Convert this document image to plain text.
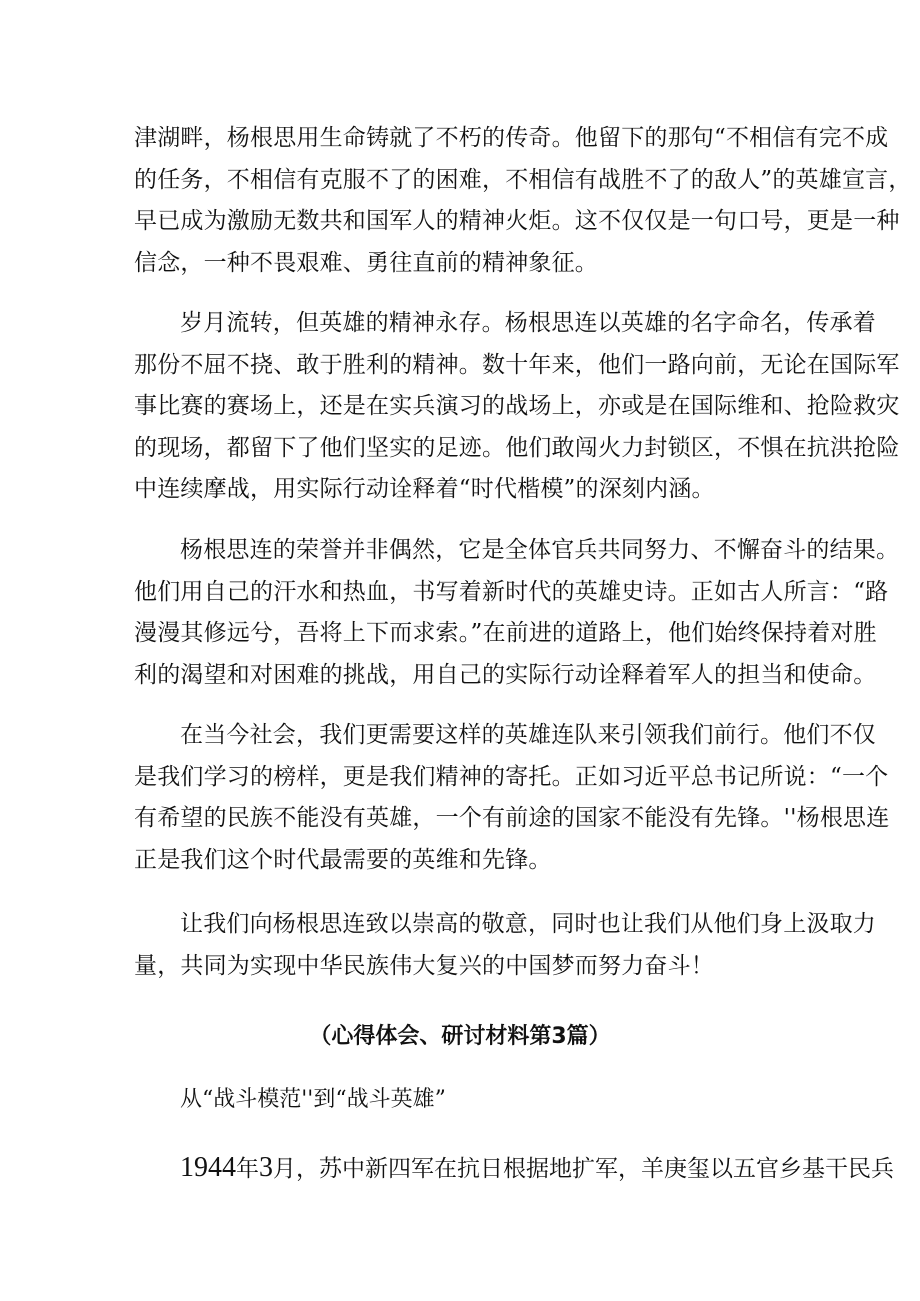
津湖畔，杨根思用生命铸就了不朽的传奇。他留下的那句“不相信有完不成
的任务，不相信有克服不了的困难，不相信有战胜不了的敌人”的英雄宣言，
早已成为激励无数共和国军人的精神火炬。这不仅仅是一句口号，更是一种
信念，一种不畏艰难、勇往直前的精神象征。
岁月流转，但英雄的精神永存。杨根思连以英雄的名字命名，传承着
那份不屈不挠、敢于胜利的精神。数十年来，他们一路向前，无论在国际军
事比赛的赛场上，还是在实兵演习的战场上，亦或是在国际维和、抢险救灾
的现场，都留下了他们坚实的足迹。他们敢闯火力封锁区，不惧在抗洪抢险
中连续摩战，用实际行动诠释着“时代楷模”的深刻内涵。
杨根思连的荣誉并非偶然，它是全体官兵共同努力、不懈奋斗的结果。
他们用自己的汗水和热血，书写着新时代的英雄史诗。正如古人所言：“路
漫漫其修远兮，吾将上下而求索。”在前进的道路上，他们始终保持着对胜
利的渴望和对困难的挑战，用自己的实际行动诠释着军人的担当和使命。
在当今社会，我们更需要这样的英雄连队来引领我们前行。他们不仅
是我们学习的榜样，更是我们精神的寄托。正如习近平总书记所说：“一个
有希望的民族不能没有英雄，一个有前途的国家不能没有先锋。''杨根思连
正是我们这个时代最需要的英维和先锋。
让我们向杨根思连致以崇高的敬意，同时也让我们从他们身上汲取力
量，共同为实现中华民族伟大复兴的中国梦而努力奋斗！

（心得体会、研讨材料第3篇）

从“战斗模范''到“战斗英雄”

1944年3月，苏中新四军在抗日根据地扩军，羊庚玺以五官乡基干民兵
